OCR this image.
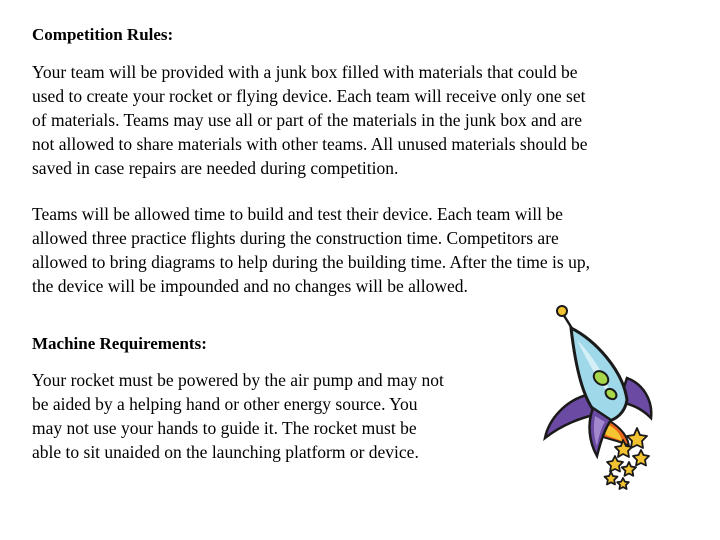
Competition Rules:

Your team will be provided with a junk box filled with materials that could be
used to create your rocket or flying device. Each team will receive only one set
of materials. Teams may use all or part of the materials in the junk box and are
not allowed to share materials with other teams. All unused materials should be
saved in case repairs are needed during competition.

Teams will be allowed time to build and test their device. Each team will be
allowed three practice flights during the construction time. Competitors are
allowed to bring diagrams to help during the building time. After the time is up,
the device will be impounded and no changes will be allowed.

Machine Requirements:

Your rocket must be powered by the air pump and may not
be aided by a helping hand or other energy source. You
may not use your hands to guide it. The rocket must be
able to sit unaided on the launching platform or device.
